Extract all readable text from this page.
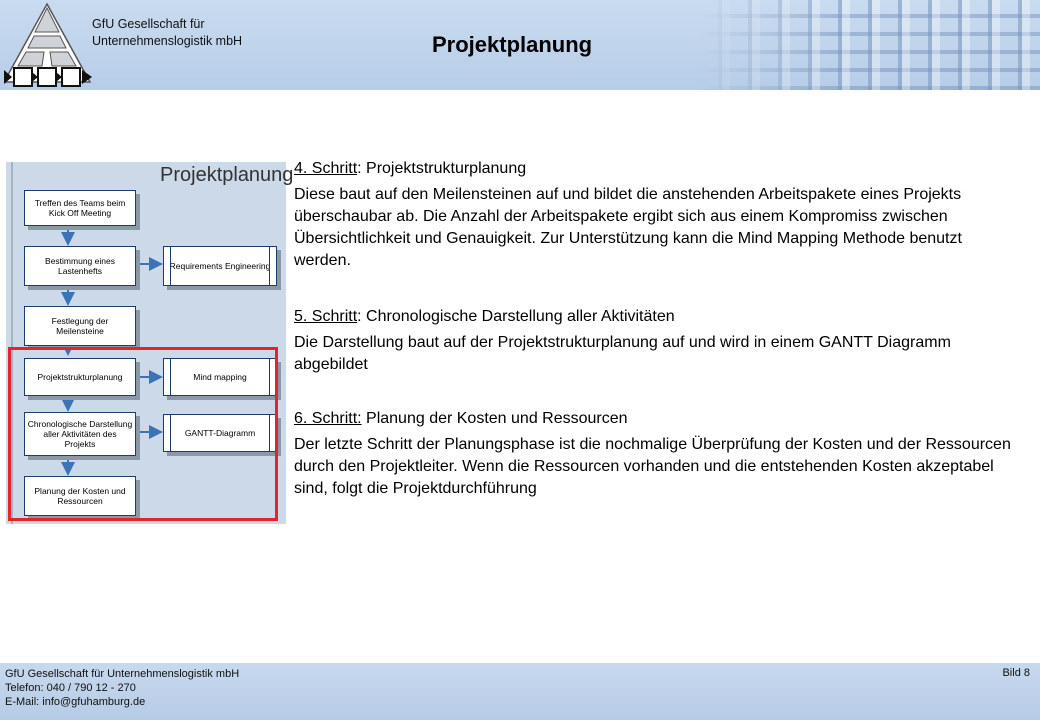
GfU Gesellschaft für
Unternehmenslogistik mbH	Projektplanung
Projektplanung
Treffen des Teams beim Kick Off Meeting
Bestimmung eines Lastenhefts	Requirements Engineering
Festlegung der Meilensteine
Projektstrukturplanung	Mind mapping
Chronologische Darstellung aller Aktivitäten des Projekts
GANTT-Diagramm
Planung der Kosten und Ressourcen
4. Schritt: Projektstrukturplanung
Diese baut auf den Meilensteinen auf und bildet die anstehenden Arbeitspakete eines Projekts überschaubar ab. Die Anzahl der Arbeitspakete ergibt sich aus einem Kompromiss zwischen Übersichtlichkeit und Genauigkeit. Zur Unterstützung kann die Mind Mapping Methode benutzt werden.
5. Schritt: Chronologische Darstellung aller Aktivitäten
Die Darstellung baut auf der Projektstrukturplanung auf und wird in einem GANTT Diagramm abgebildet
6. Schritt: Planung der Kosten und Ressourcen
Der letzte Schritt der Planungsphase ist die nochmalige Überprüfung der Kosten und der Ressourcen durch den Projektleiter. Wenn die Ressourcen vorhanden und die entstehenden Kosten akzeptabel sind, folgt die Projektdurchführung
GfU Gesellschaft für Unternehmenslogistik mbH
Telefon: 040 / 790 12 - 270
E-Mail: info@gfuhamburg.de
Bild 8
